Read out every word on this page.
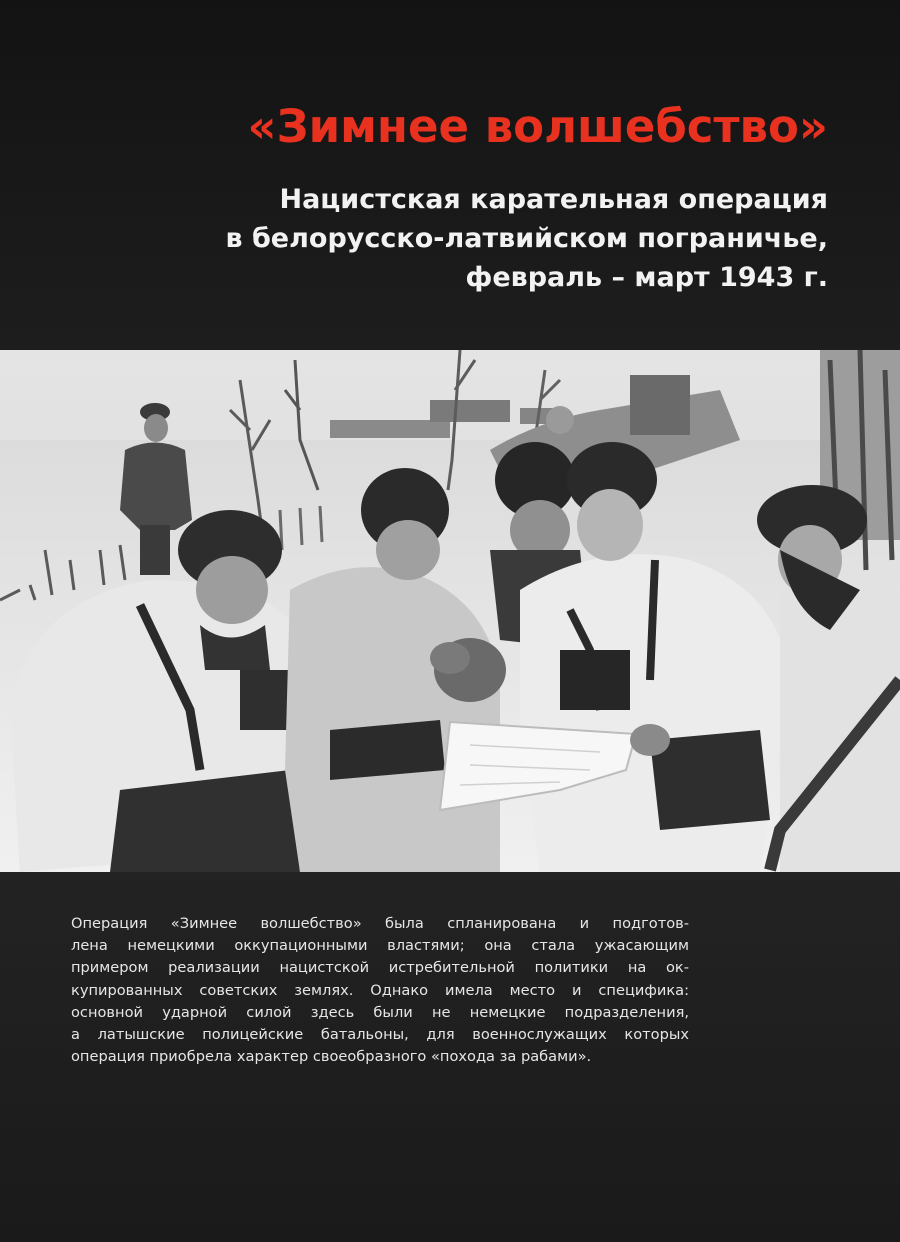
«Зимнее волшебство»
Нацистская карательная операция
в белорусско-латвийском пограничье,
февраль – март 1943 г.
Операция «Зимнее волшебство» была спланирована и подготов-
лена немецкими оккупационными властями; она стала ужасающим
примером реализации нацистской истребительной политики на ок-
купированных советских землях. Однако имела место и специфика:
основной ударной силой здесь были не немецкие подразделения,
а латышские полицейские батальоны, для военнослужащих которых
операция приобрела характер своеобразного «похода за рабами».
